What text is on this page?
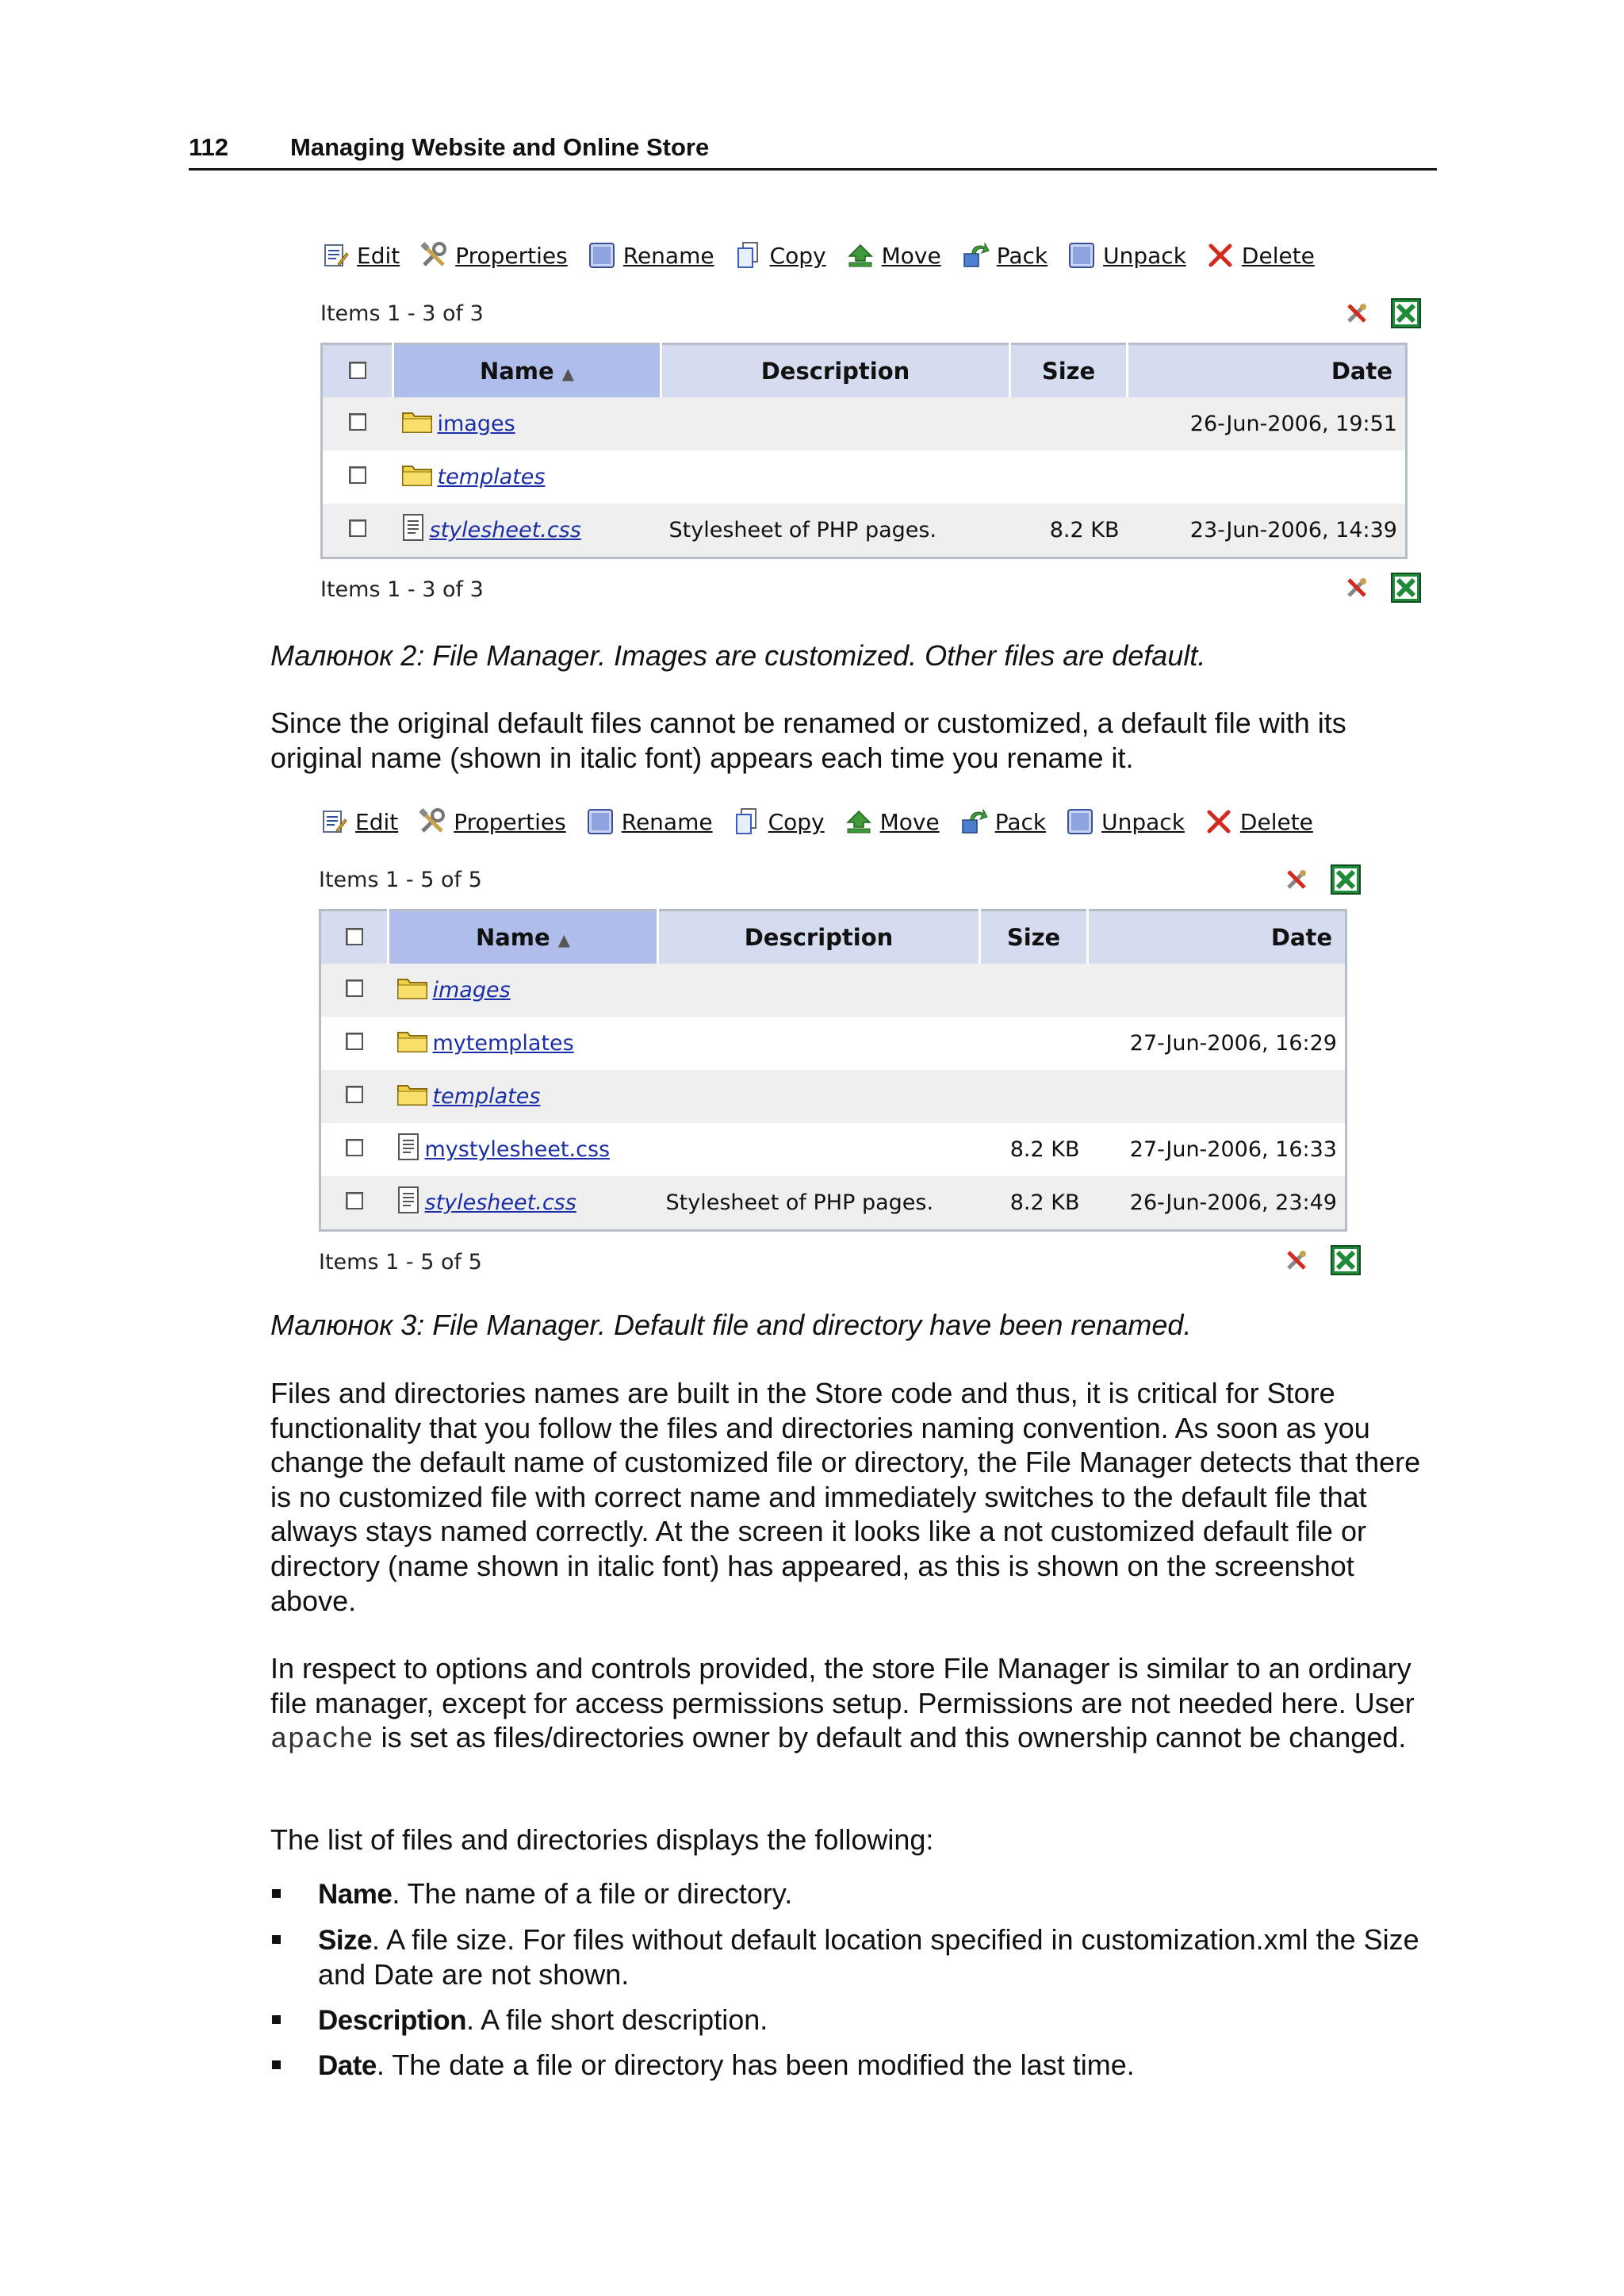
112	Managing Website and Online Store
Edit	Properties	Rename	Copy	Move	Pack	Unpack	Delete
Items 1 - 3 of 3
	Name ▲	Description	Size	Date
	images			26-Jun-2006, 19:51
	templates			
	stylesheet.css	Stylesheet of PHP pages.	8.2 KB	23-Jun-2006, 14:39
Items 1 - 3 of 3
Малюнок 2: File Manager. Images are customized. Other files are default.

Since the original default files cannot be renamed or customized, a default file with its original name (shown in italic font) appears each time you rename it.

Edit	Properties	Rename	Copy	Move	Pack	Unpack	Delete
Items 1 - 5 of 5
	Name ▲	Description	Size	Date
	images			
	mytemplates			27-Jun-2006, 16:29
	templates			
	mystylesheet.css		8.2 KB	27-Jun-2006, 16:33
	stylesheet.css	Stylesheet of PHP pages.	8.2 KB	26-Jun-2006, 23:49
Items 1 - 5 of 5
Малюнок 3: File Manager. Default file and directory have been renamed.

Files and directories names are built in the Store code and thus, it is critical for Store functionality that you follow the files and directories naming convention. As soon as you change the default name of customized file or directory, the File Manager detects that there is no customized file with correct name and immediately switches to the default file that always stays named correctly. At the screen it looks like a not customized default file or directory (name shown in italic font) has appeared, as this is shown on the screenshot above.

In respect to options and controls provided, the store File Manager is similar to an ordinary file manager, except for access permissions setup. Permissions are not needed here. User apache is set as files/directories owner by default and this ownership cannot be changed.

The list of files and directories displays the following:

Name. The name of a file or directory.
Size. A file size. For files without default location specified in customization.xml the Size and Date are not shown.
Description. A file short description.
Date. The date a file or directory has been modified the last time.
